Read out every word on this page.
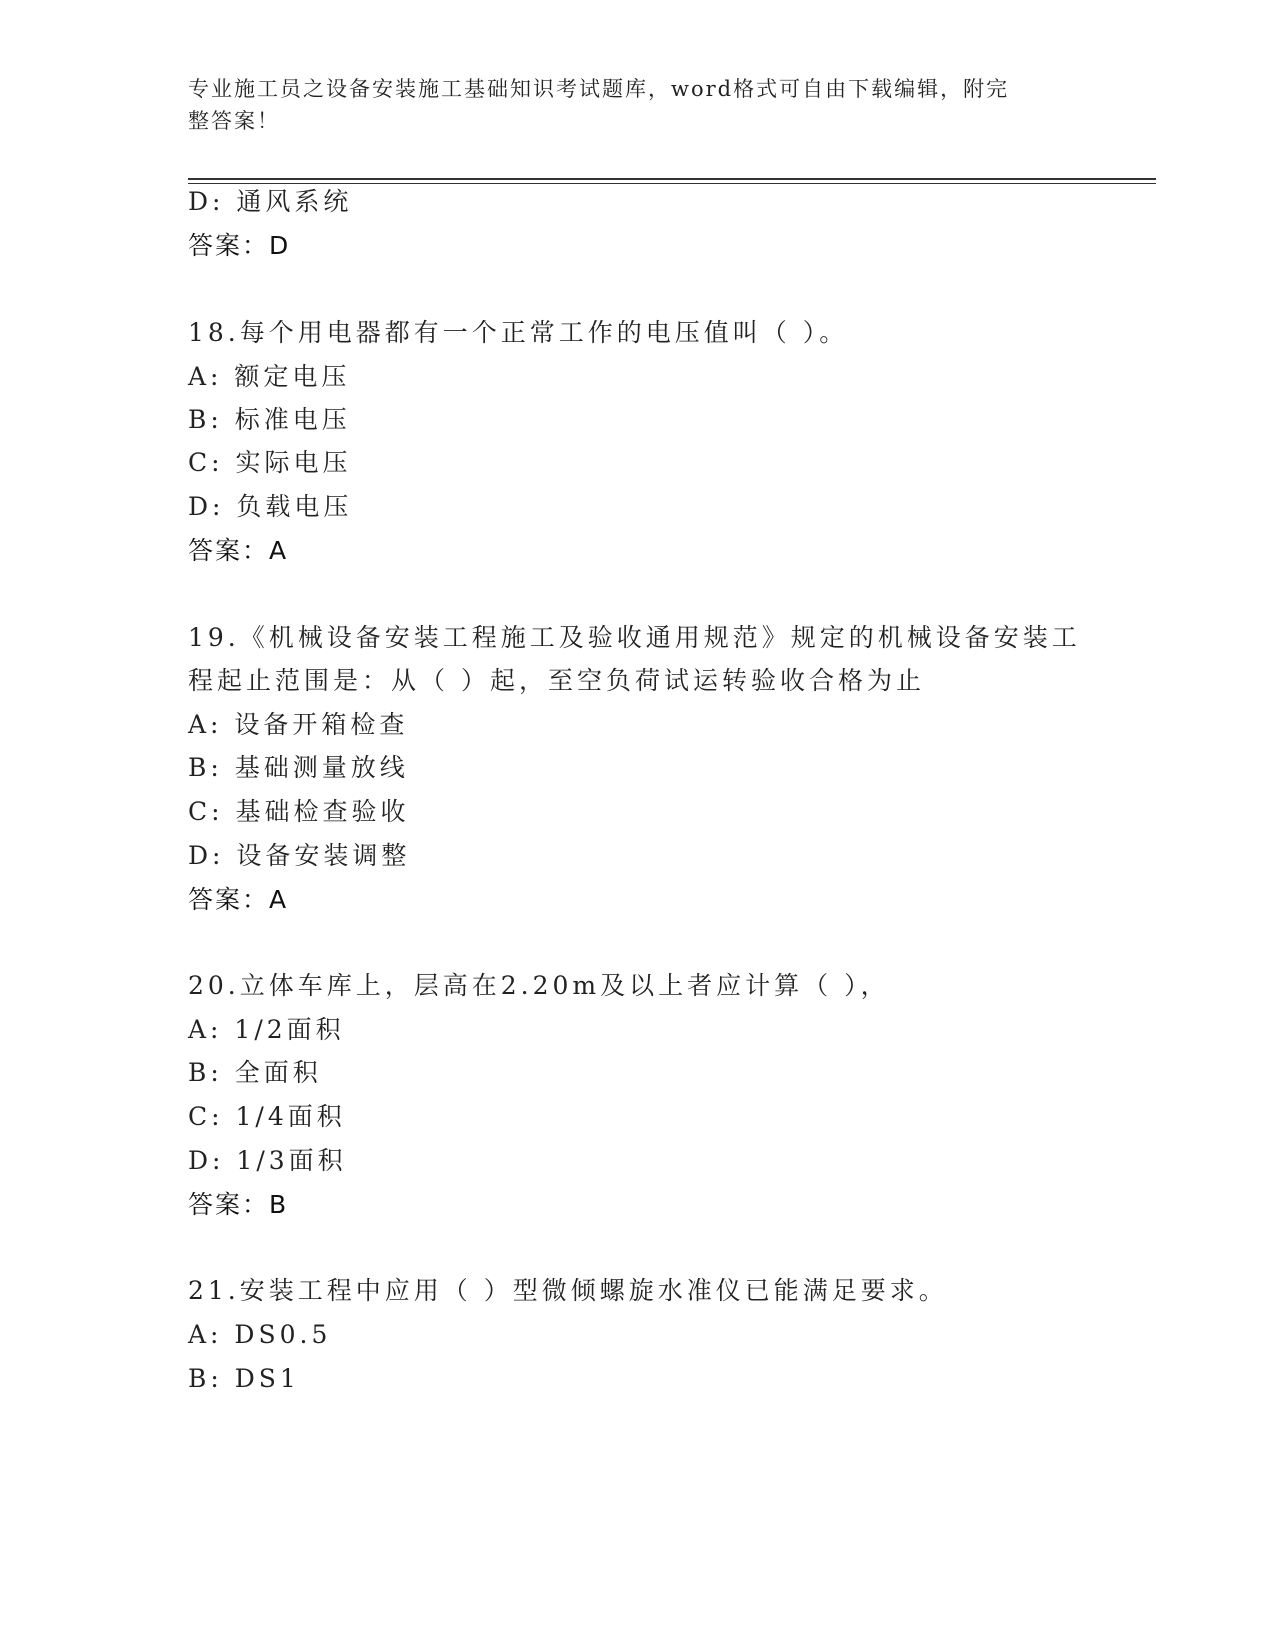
专业施工员之设备安装施工基础知识考试题库，word格式可自由下载编辑，附完
整答案！
D: 通风系统
答案：D
18.每个用电器都有一个正常工作的电压值叫（ ）。
A: 额定电压
B: 标准电压
C: 实际电压
D: 负载电压
答案：A
19.《机械设备安装工程施工及验收通用规范》规定的机械设备安装工
程起止范围是：从（ ）起，至空负荷试运转验收合格为止
A: 设备开箱检查
B: 基础测量放线
C: 基础检查验收
D: 设备安装调整
答案：A
20.立体车库上，层高在2.20m及以上者应计算（ ），
A: 1/2面积
B: 全面积
C: 1/4面积
D: 1/3面积
答案：B
21.安装工程中应用（ ）型微倾螺旋水准仪已能满足要求。
A: DS0.5
B: DS1
